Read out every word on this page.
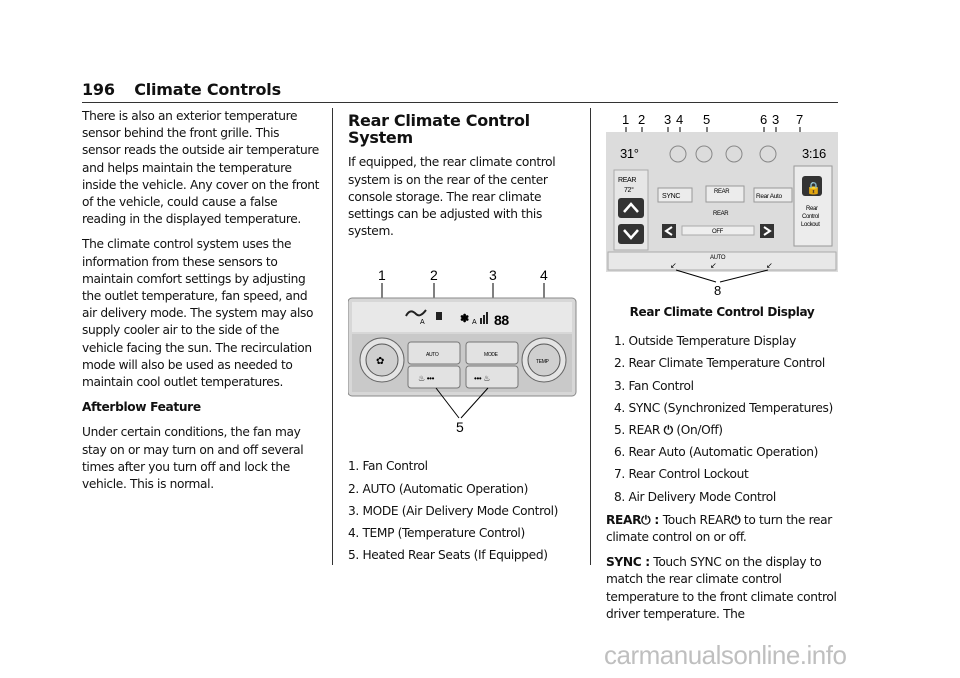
196 Climate Controls

There is also an exterior temperature sensor behind the front grille. This sensor reads the outside air temperature and helps maintain the temperature inside the vehicle. Any cover on the front of the vehicle, could cause a false reading in the displayed temperature.

The climate control system uses the information from these sensors to maintain comfort settings by adjusting the outlet temperature, fan speed, and air delivery mode. The system may also supply cooler air to the side of the vehicle facing the sun. The recirculation mode will also be used as needed to maintain cool outlet temperatures.

Afterblow Feature

Under certain conditions, the fan may stay on or may turn on and off several times after you turn off and lock the vehicle. This is normal.

Rear Climate Control System

If equipped, the rear climate control system is on the rear of the center console storage. The rear climate settings can be adjusted with this system.

1	2	3	4
A	✽ A 88
✿	TEMP
AUTO	MODE
♨ •••	••• ♨
5

1. Fan Control

2. AUTO (Automatic Operation)

3. MODE (Air Delivery Mode Control)

4. TEMP (Temperature Control)

5. Heated Rear Seats (If Equipped)

1 2 3 4 5	6 3 7
31°	3:16
REAR
72°
SYNC
REAR
Rear Auto
REAR
OFF
🔒
Rear
Control
Lockout
AUTO
↙	↙	↙
8
Rear Climate Control Display

1. Outside Temperature Display

2. Rear Climate Temperature Control

3. Fan Control

4. SYNC (Synchronized Temperatures)

5. REAR ⏻ (On/Off)

6. Rear Auto (Automatic Operation)

7. Rear Control Lockout

8. Air Delivery Mode Control

REAR⏻ : Touch REAR⏻ to turn the rear climate control on or off.

SYNC : Touch SYNC on the display to match the rear climate control temperature to the front climate control driver temperature. The

carmanualsonline.info
